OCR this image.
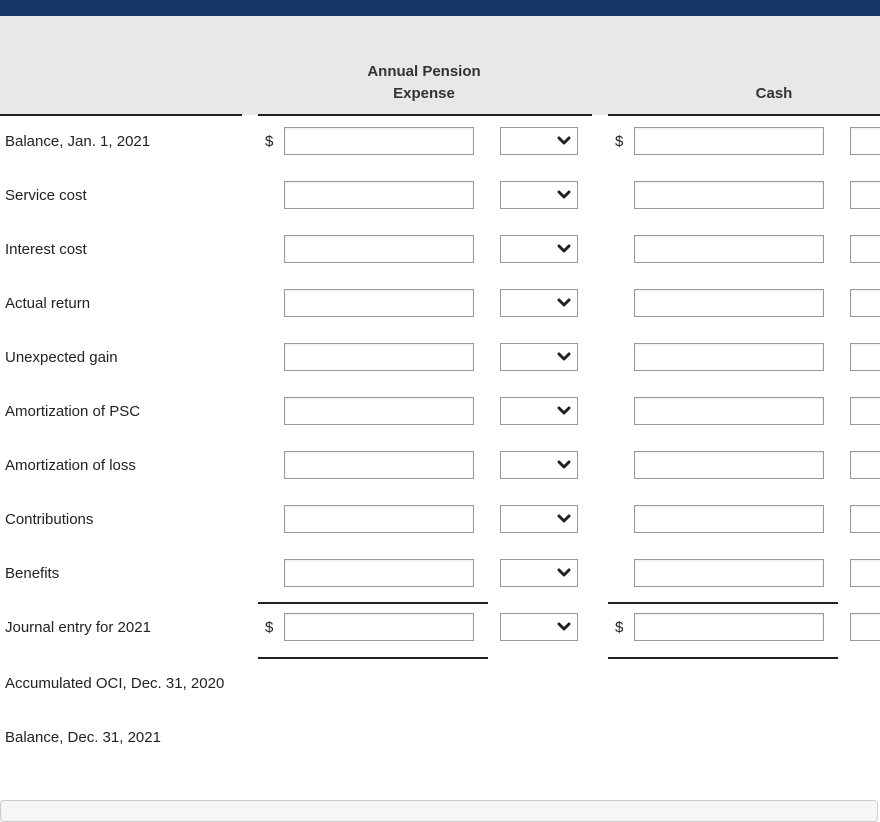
Annual Pension
Expense	Cash
Balance, Jan. 1, 2021	$	$
Service cost
Interest cost
Actual return
Unexpected gain
Amortization of PSC
Amortization of loss
Contributions
Benefits
Journal entry for 2021	$	$
Accumulated OCI, Dec. 31, 2020
Balance, Dec. 31, 2021
